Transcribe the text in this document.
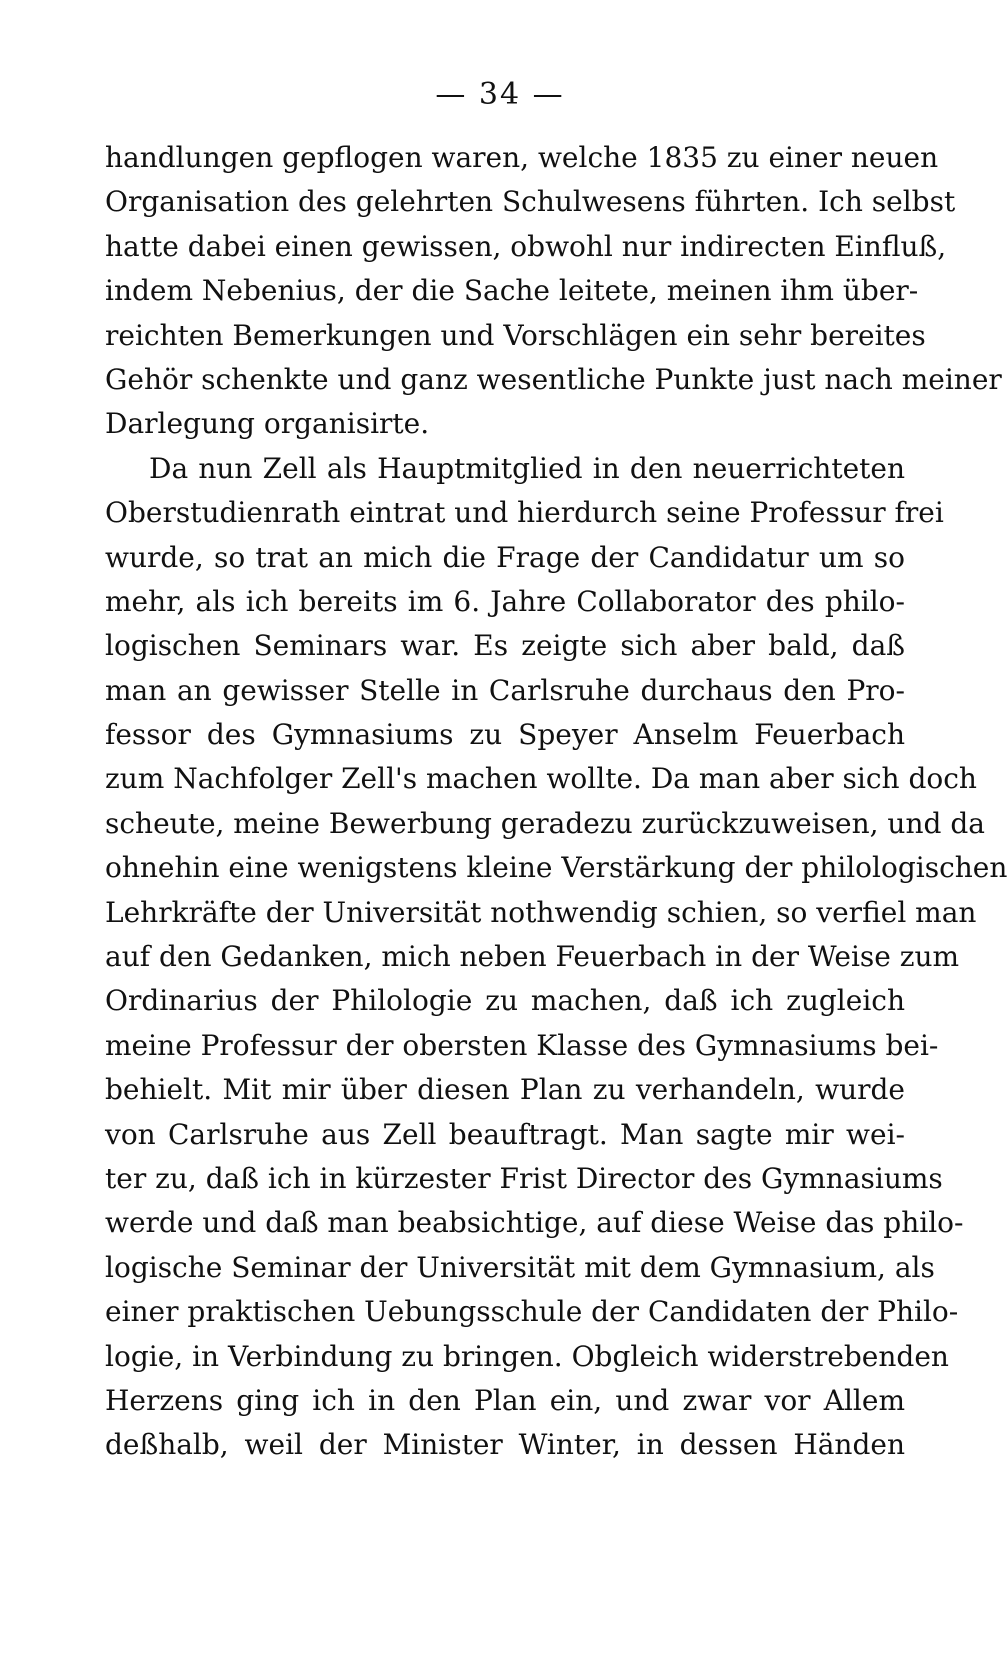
— 34 —
handlungen gepflogen waren, welche 1835 zu einer neuen
Organisation des gelehrten Schulwesens führten. Ich selbst
hatte dabei einen gewissen, obwohl nur indirecten Einfluß,
indem Nebenius, der die Sache leitete, meinen ihm über-
reichten Bemerkungen und Vorschlägen ein sehr bereites
Gehör schenkte und ganz wesentliche Punkte just nach meiner
Darlegung organisirte.
Da nun Zell als Hauptmitglied in den neuerrichteten
Oberstudienrath eintrat und hierdurch seine Professur frei
wurde, so trat an mich die Frage der Candidatur um so
mehr, als ich bereits im 6. Jahre Collaborator des philo-
logischen Seminars war. Es zeigte sich aber bald, daß
man an gewisser Stelle in Carlsruhe durchaus den Pro-
fessor des Gymnasiums zu Speyer Anselm Feuerbach
zum Nachfolger Zell's machen wollte. Da man aber sich doch
scheute, meine Bewerbung geradezu zurückzuweisen, und da
ohnehin eine wenigstens kleine Verstärkung der philologischen
Lehrkräfte der Universität nothwendig schien, so verfiel man
auf den Gedanken, mich neben Feuerbach in der Weise zum
Ordinarius der Philologie zu machen, daß ich zugleich
meine Professur der obersten Klasse des Gymnasiums bei-
behielt. Mit mir über diesen Plan zu verhandeln, wurde
von Carlsruhe aus Zell beauftragt. Man sagte mir wei-
ter zu, daß ich in kürzester Frist Director des Gymnasiums
werde und daß man beabsichtige, auf diese Weise das philo-
logische Seminar der Universität mit dem Gymnasium, als
einer praktischen Uebungsschule der Candidaten der Philo-
logie, in Verbindung zu bringen. Obgleich widerstrebenden
Herzens ging ich in den Plan ein, und zwar vor Allem
deßhalb, weil der Minister Winter, in dessen Händen
